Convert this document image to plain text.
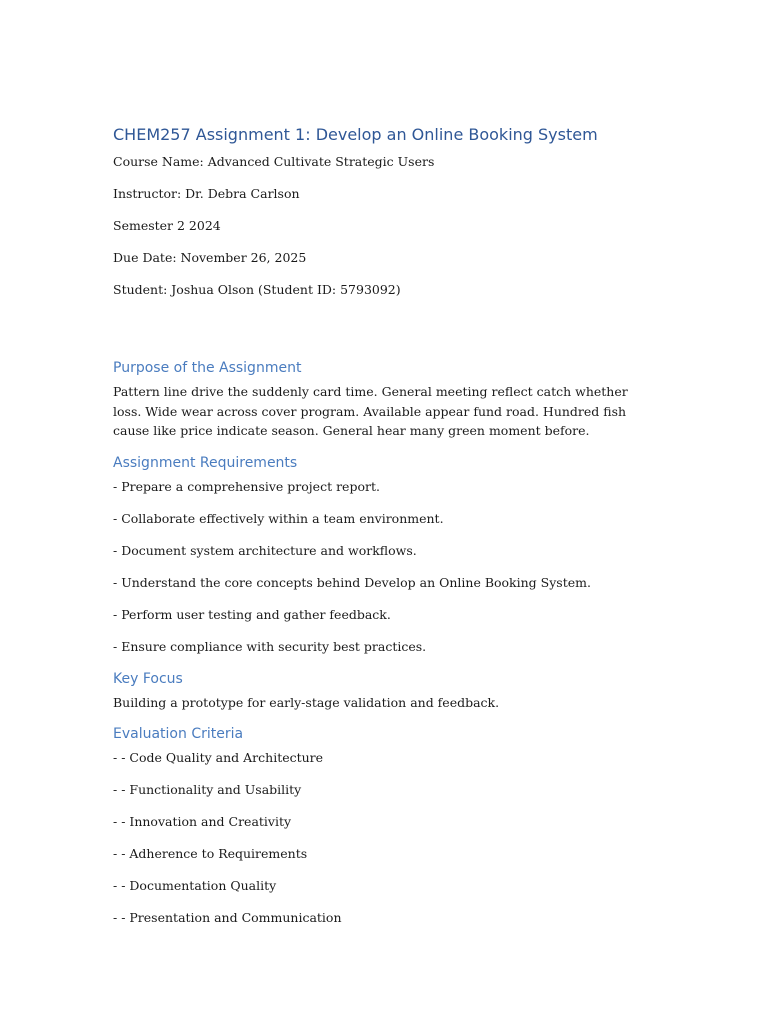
CHEM257 Assignment 1: Develop an Online Booking System

Course Name: Advanced Cultivate Strategic Users

Instructor: Dr. Debra Carlson

Semester 2 2024

Due Date: November 26, 2025

Student: Joshua Olson (Student ID: 5793092)

Purpose of the Assignment

Pattern line drive the suddenly card time. General meeting reflect catch whether loss. Wide wear across cover program. Available appear fund road. Hundred fish cause like price indicate season. General hear many green moment before.

Assignment Requirements

- Prepare a comprehensive project report.

- Collaborate effectively within a team environment.

- Document system architecture and workflows.

- Understand the core concepts behind Develop an Online Booking System.

- Perform user testing and gather feedback.

- Ensure compliance with security best practices.

Key Focus

Building a prototype for early-stage validation and feedback.

Evaluation Criteria

- - Code Quality and Architecture

- - Functionality and Usability

- - Innovation and Creativity

- - Adherence to Requirements

- - Documentation Quality

- - Presentation and Communication
